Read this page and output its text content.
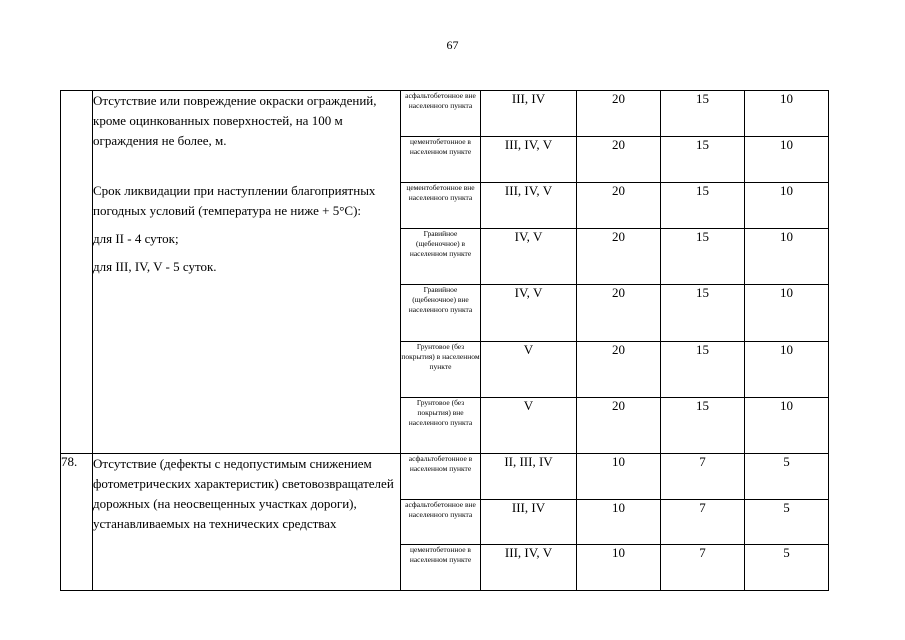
67

	Отсутствие или повреждение окраски ограждений, кроме оцинкованных поверхностей, на 100 м ограждения не более, м.

Срок ликвидации при наступлении благоприятных погодных условий (температура не ниже + 5°С):

для II - 4 суток;

для III, IV, V - 5 суток.	асфальтобетонное вне населенного пункта	III, IV	20	15	10
		цементобетонное в населенном пункте	III, IV, V	20	15	10
		цементобетонное вне населенного пункта	III, IV, V	20	15	10
		Гравийное (щебеночное) в населенном пункте	IV, V	20	15	10
		Гравийное (щебеночное) вне населенного пункта	IV, V	20	15	10
		Грунтовое (без покрытия) в населенном пункте	V	20	15	10
		Грунтовое (без покрытия) вне населенного пункта	V	20	15	10
78.	Отсутствие (дефекты с недопустимым снижением фотометрических характеристик) световозвращателей дорожных (на неосвещенных участках дороги), устанавливаемых на технических средствах	асфальтобетонное в населенном пункте	II, III, IV	10	7	5
		асфальтобетонное вне населенного пункта	III, IV	10	7	5
		цементобетонное в населенном пункте	III, IV, V	10	7	5
